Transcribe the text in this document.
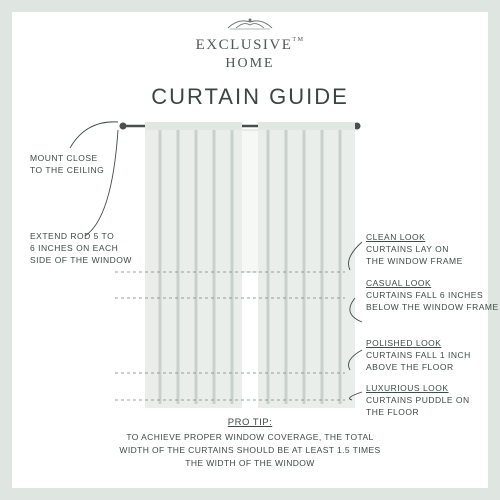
EXCLUSIVE™
HOME
CURTAIN GUIDE
MOUNT CLOSE
TO THE CEILING
EXTEND ROD 5 TO
6 INCHES ON EACH
SIDE OF THE WINDOW
CLEAN LOOK
CURTAINS LAY ON
THE WINDOW FRAME
CASUAL LOOK
CURTAINS FALL 6 INCHES
BELOW THE WINDOW FRAME
POLISHED LOOK
CURTAINS FALL 1 INCH
ABOVE THE FLOOR
LUXURIOUS LOOK
CURTAINS PUDDLE ON
THE FLOOR
PRO TIP:
TO ACHIEVE PROPER WINDOW COVERAGE, THE TOTAL
WIDTH OF THE CURTAINS SHOULD BE AT LEAST 1.5 TIMES
THE WIDTH OF THE WINDOW
